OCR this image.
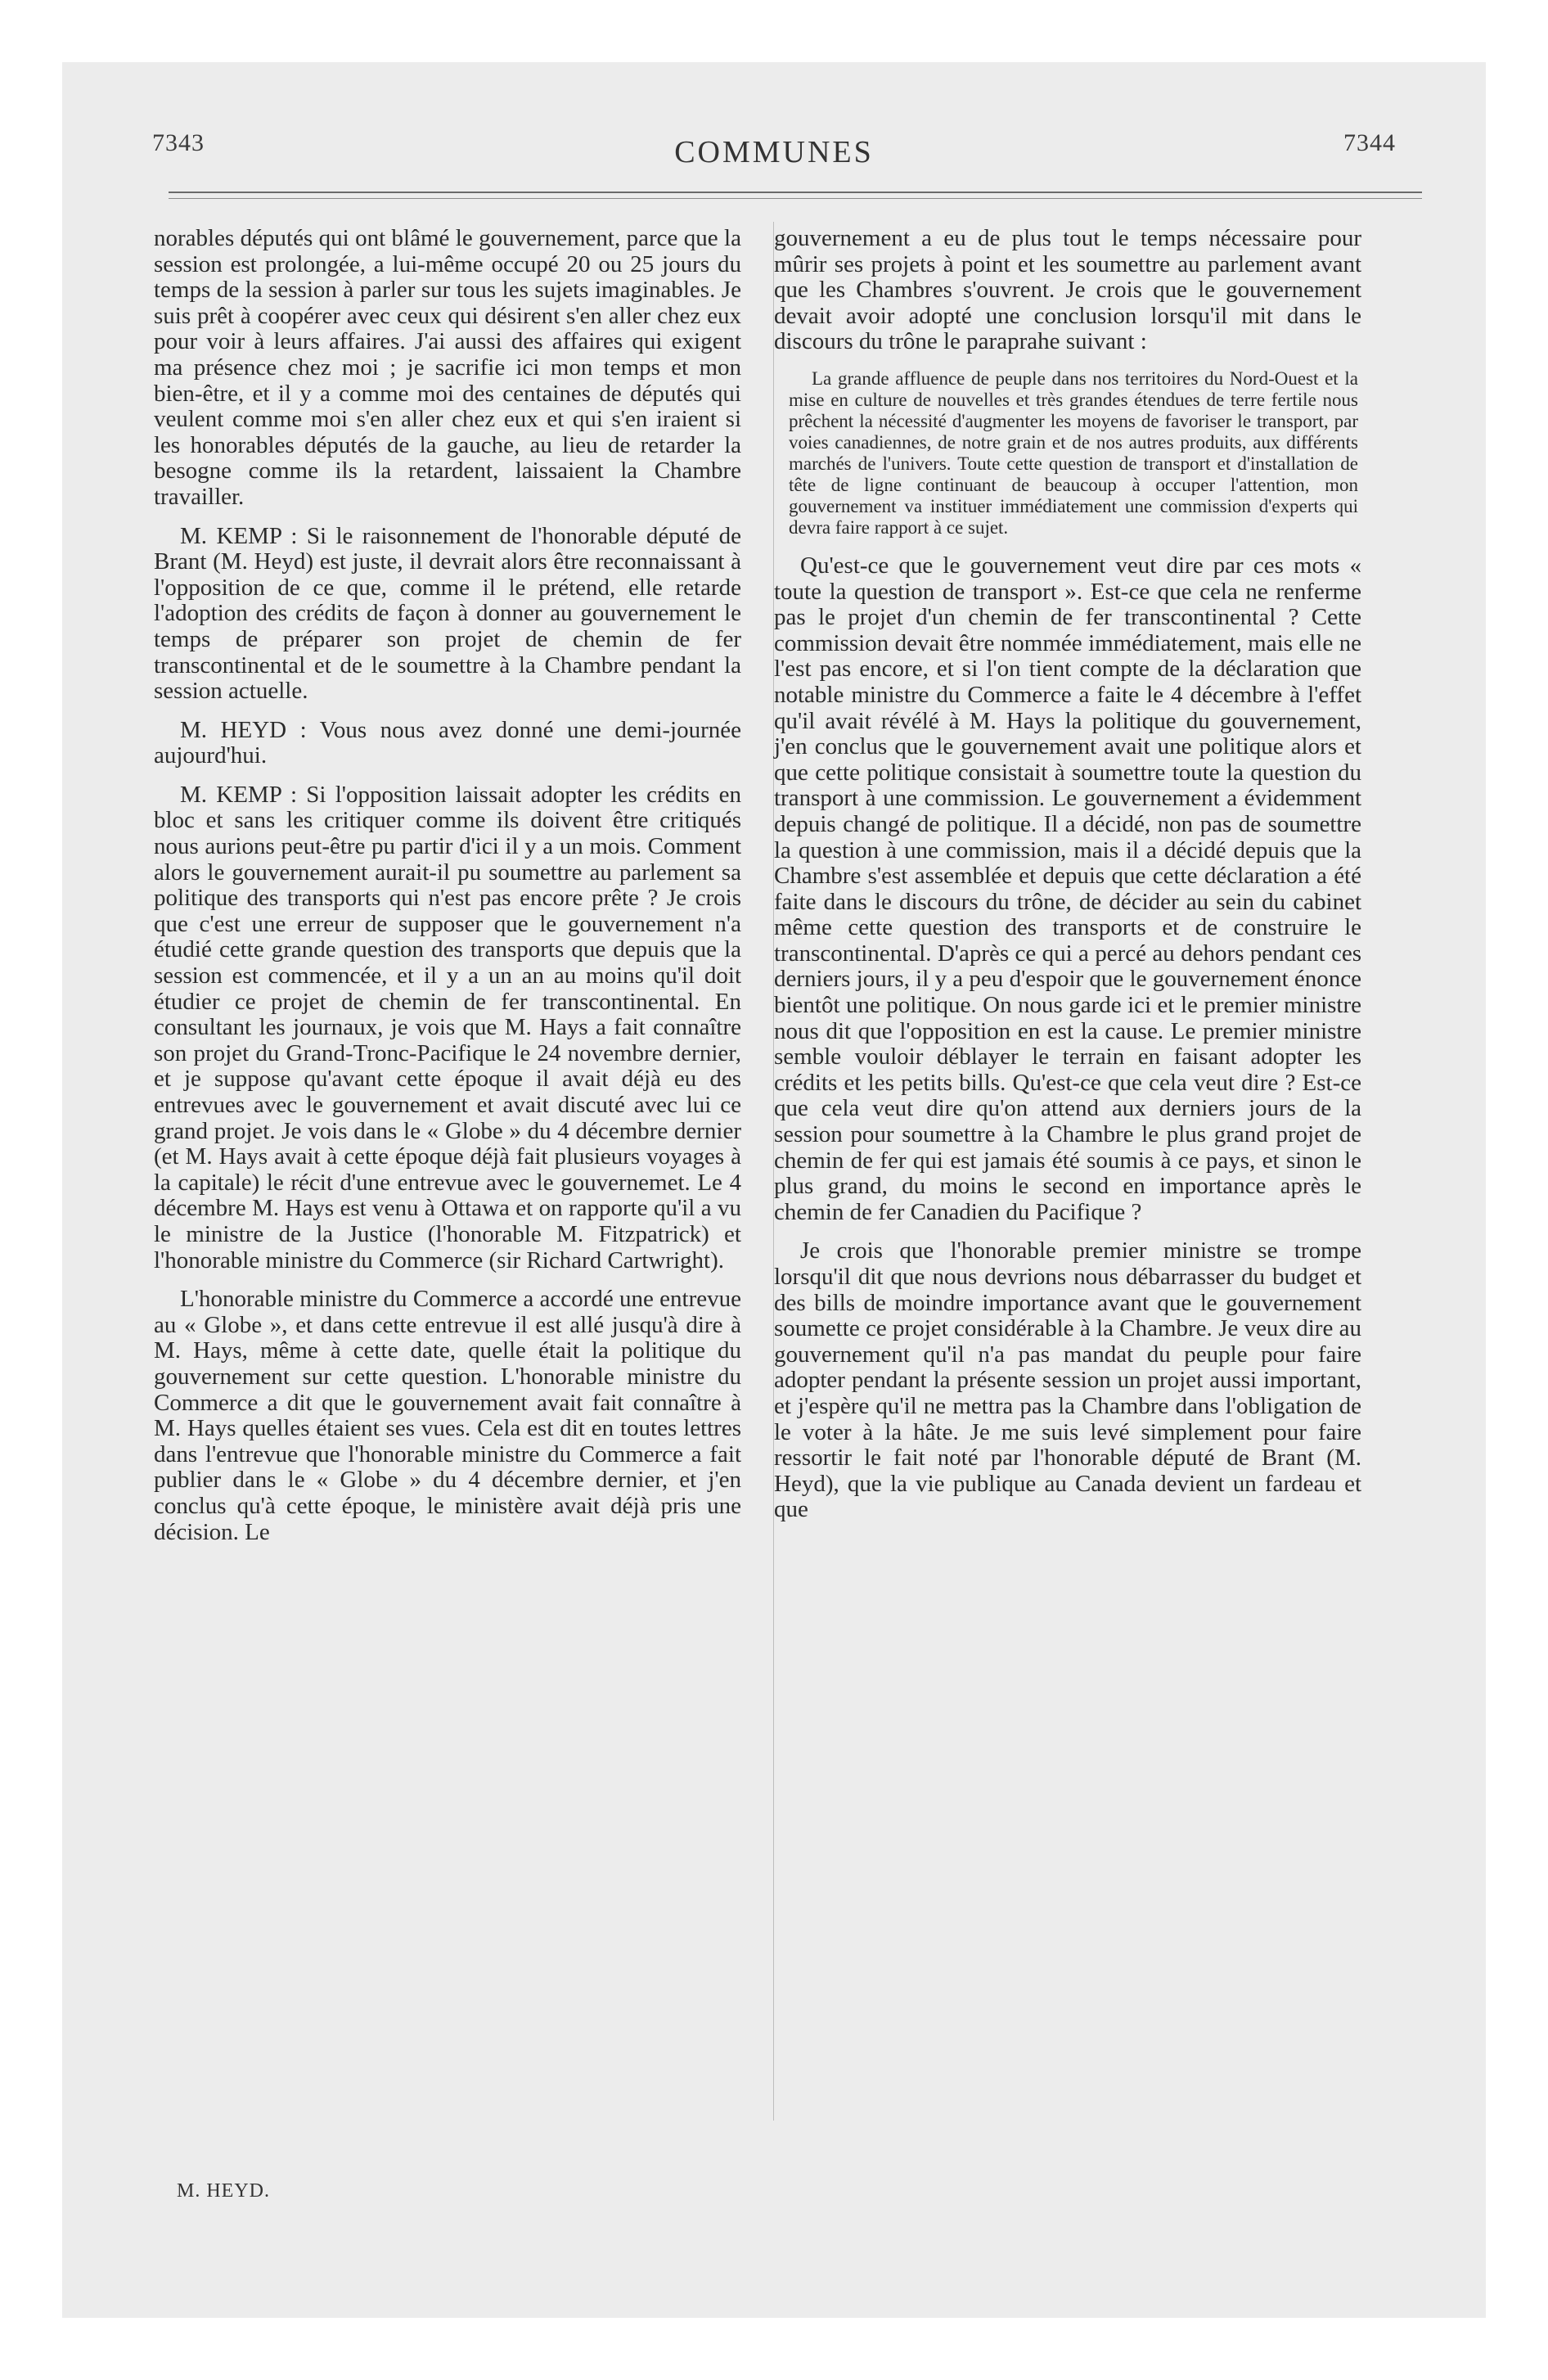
7343	COMMUNES	7344

norables députés qui ont blâmé le gouvernement, parce que la session est prolongée, a lui-même occupé 20 ou 25 jours du temps de la session à parler sur tous les sujets imaginables. Je suis prêt à coopérer avec ceux qui désirent s'en aller chez eux pour voir à leurs affaires. J'ai aussi des affaires qui exigent ma présence chez moi ; je sacrifie ici mon temps et mon bien-être, et il y a comme moi des centaines de députés qui veulent comme moi s'en aller chez eux et qui s'en iraient si les honorables députés de la gauche, au lieu de retarder la besogne comme ils la retardent, laissaient la Chambre travailler.

M. KEMP : Si le raisonnement de l'honorable député de Brant (M. Heyd) est juste, il devrait alors être reconnaissant à l'opposition de ce que, comme il le prétend, elle retarde l'adoption des crédits de façon à donner au gouvernement le temps de préparer son projet de chemin de fer transcontinental et de le soumettre à la Chambre pendant la session actuelle.

M. HEYD : Vous nous avez donné une demi-journée aujourd'hui.

M. KEMP : Si l'opposition laissait adopter les crédits en bloc et sans les critiquer comme ils doivent être critiqués nous aurions peut-être pu partir d'ici il y a un mois. Comment alors le gouvernement aurait-il pu soumettre au parlement sa politique des transports qui n'est pas encore prête ? Je crois que c'est une erreur de supposer que le gouvernement n'a étudié cette grande question des transports que depuis que la session est commencée, et il y a un an au moins qu'il doit étudier ce projet de chemin de fer transcontinental. En consultant les journaux, je vois que M. Hays a fait connaître son projet du Grand-Tronc-Pacifique le 24 novembre dernier, et je suppose qu'avant cette époque il avait déjà eu des entrevues avec le gouvernement et avait discuté avec lui ce grand projet. Je vois dans le « Globe » du 4 décembre dernier (et M. Hays avait à cette époque déjà fait plusieurs voyages à la capitale) le récit d'une entrevue avec le gouvernemet. Le 4 décembre M. Hays est venu à Ottawa et on rapporte qu'il a vu le ministre de la Justice (l'honorable M. Fitzpatrick) et l'honorable ministre du Commerce (sir Richard Cartwright).

L'honorable ministre du Commerce a accordé une entrevue au « Globe », et dans cette entrevue il est allé jusqu'à dire à M. Hays, même à cette date, quelle était la politique du gouvernement sur cette question. L'honorable ministre du Commerce a dit que le gouvernement avait fait connaître à M. Hays quelles étaient ses vues. Cela est dit en toutes lettres dans l'entrevue que l'honorable ministre du Commerce a fait publier dans le « Globe » du 4 décembre dernier, et j'en conclus qu'à cette époque, le ministère avait déjà pris une décision. Le

gouvernement a eu de plus tout le temps nécessaire pour mûrir ses projets à point et les soumettre au parlement avant que les Chambres s'ouvrent. Je crois que le gouvernement devait avoir adopté une conclusion lorsqu'il mit dans le discours du trône le paraprahe suivant :

La grande affluence de peuple dans nos territoires du Nord-Ouest et la mise en culture de nouvelles et très grandes étendues de terre fertile nous prêchent la nécessité d'augmenter les moyens de favoriser le transport, par voies canadiennes, de notre grain et de nos autres produits, aux différents marchés de l'univers. Toute cette question de transport et d'installation de tête de ligne continuant de beaucoup à occuper l'attention, mon gouvernement va instituer immédiatement une commission d'experts qui devra faire rapport à ce sujet.

Qu'est-ce que le gouvernement veut dire par ces mots « toute la question de transport ». Est-ce que cela ne renferme pas le projet d'un chemin de fer transcontinental ? Cette commission devait être nommée immédiatement, mais elle ne l'est pas encore, et si l'on tient compte de la déclaration que notable ministre du Commerce a faite le 4 décembre à l'effet qu'il avait révélé à M. Hays la politique du gouvernement, j'en conclus que le gouvernement avait une politique alors et que cette politique consistait à soumettre toute la question du transport à une commission. Le gouvernement a évidemment depuis changé de politique. Il a décidé, non pas de soumettre la question à une commission, mais il a décidé depuis que la Chambre s'est assemblée et depuis que cette déclaration a été faite dans le discours du trône, de décider au sein du cabinet même cette question des transports et de construire le transcontinental. D'après ce qui a percé au dehors pendant ces derniers jours, il y a peu d'espoir que le gouvernement énonce bientôt une politique. On nous garde ici et le premier ministre nous dit que l'opposition en est la cause. Le premier ministre semble vouloir déblayer le terrain en faisant adopter les crédits et les petits bills. Qu'est-ce que cela veut dire ? Est-ce que cela veut dire qu'on attend aux derniers jours de la session pour soumettre à la Chambre le plus grand projet de chemin de fer qui est jamais été soumis à ce pays, et sinon le plus grand, du moins le second en importance après le chemin de fer Canadien du Pacifique ?

Je crois que l'honorable premier ministre se trompe lorsqu'il dit que nous devrions nous débarrasser du budget et des bills de moindre importance avant que le gouvernement soumette ce projet considérable à la Chambre. Je veux dire au gouvernement qu'il n'a pas mandat du peuple pour faire adopter pendant la présente session un projet aussi important, et j'espère qu'il ne mettra pas la Chambre dans l'obligation de le voter à la hâte. Je me suis levé simplement pour faire ressortir le fait noté par l'honorable député de Brant (M. Heyd), que la vie publique au Canada devient un fardeau et que

M. HEYD.
